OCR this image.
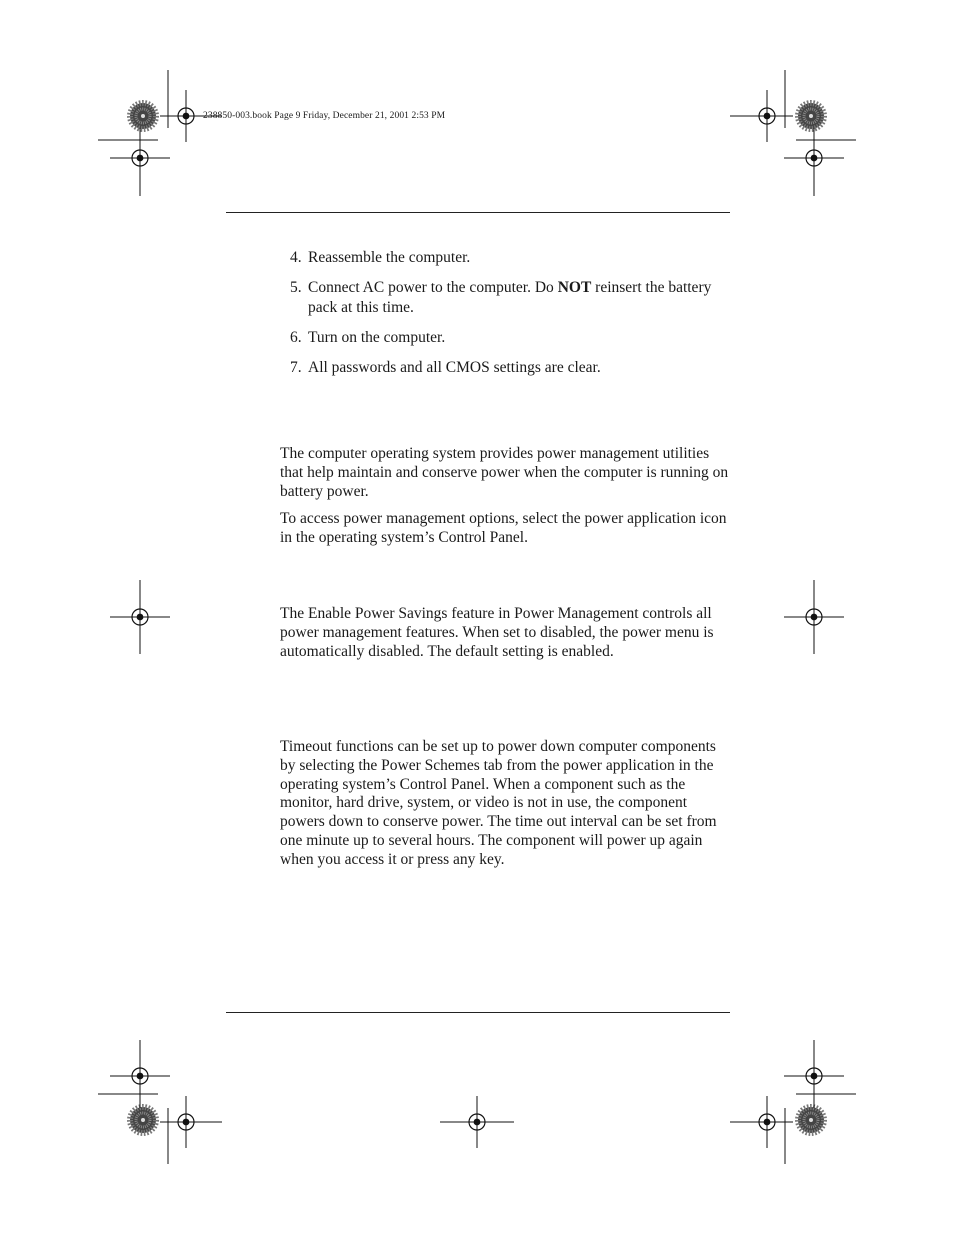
238850-003.book Page 9 Friday, December 21, 2001 2:53 PM
4. Reassemble the computer.
5. Connect AC power to the computer. Do NOT reinsert the battery pack at this time.
6. Turn on the computer.
7. All passwords and all CMOS settings are clear.

The computer operating system provides power management utilities that help maintain and conserve power when the computer is running on battery power.

To access power management options, select the power application icon in the operating system’s Control Panel.

The Enable Power Savings feature in Power Management controls all power management features. When set to disabled, the power menu is automatically disabled. The default setting is enabled.

Timeout functions can be set up to power down computer components by selecting the Power Schemes tab from the power application in the operating system’s Control Panel. When a component such as the monitor, hard drive, system, or video is not in use, the component powers down to conserve power. The time out interval can be set from one minute up to several hours. The component will power up again when you access it or press any key.
